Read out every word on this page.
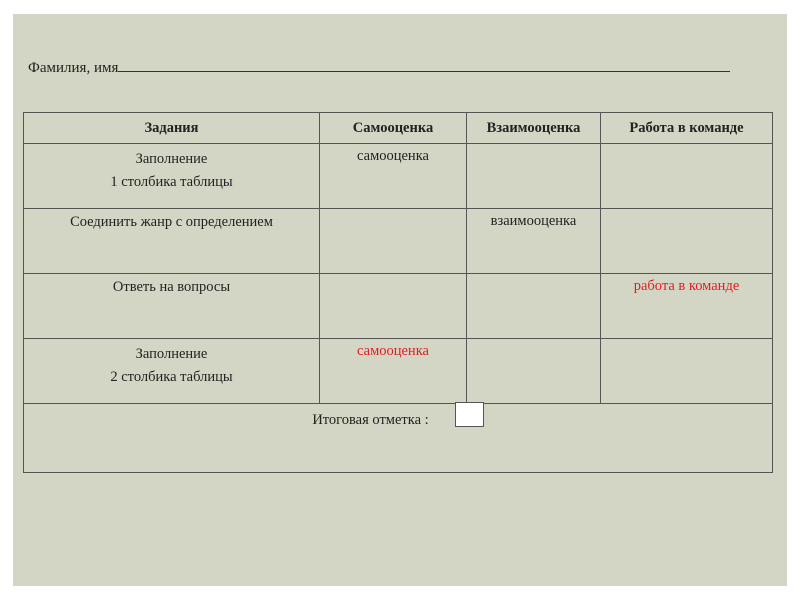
Фамилия, имя
Задания	Самооценка	Взаимооценка	Работа в команде

Заполнение
1 столбика таблицы	самооценка		

Соединить жанр с определением		взаимооценка	

Ответь на вопросы			работа в команде

Заполнение
2 столбика таблицы	самооценка		

Итоговая отметка :			
